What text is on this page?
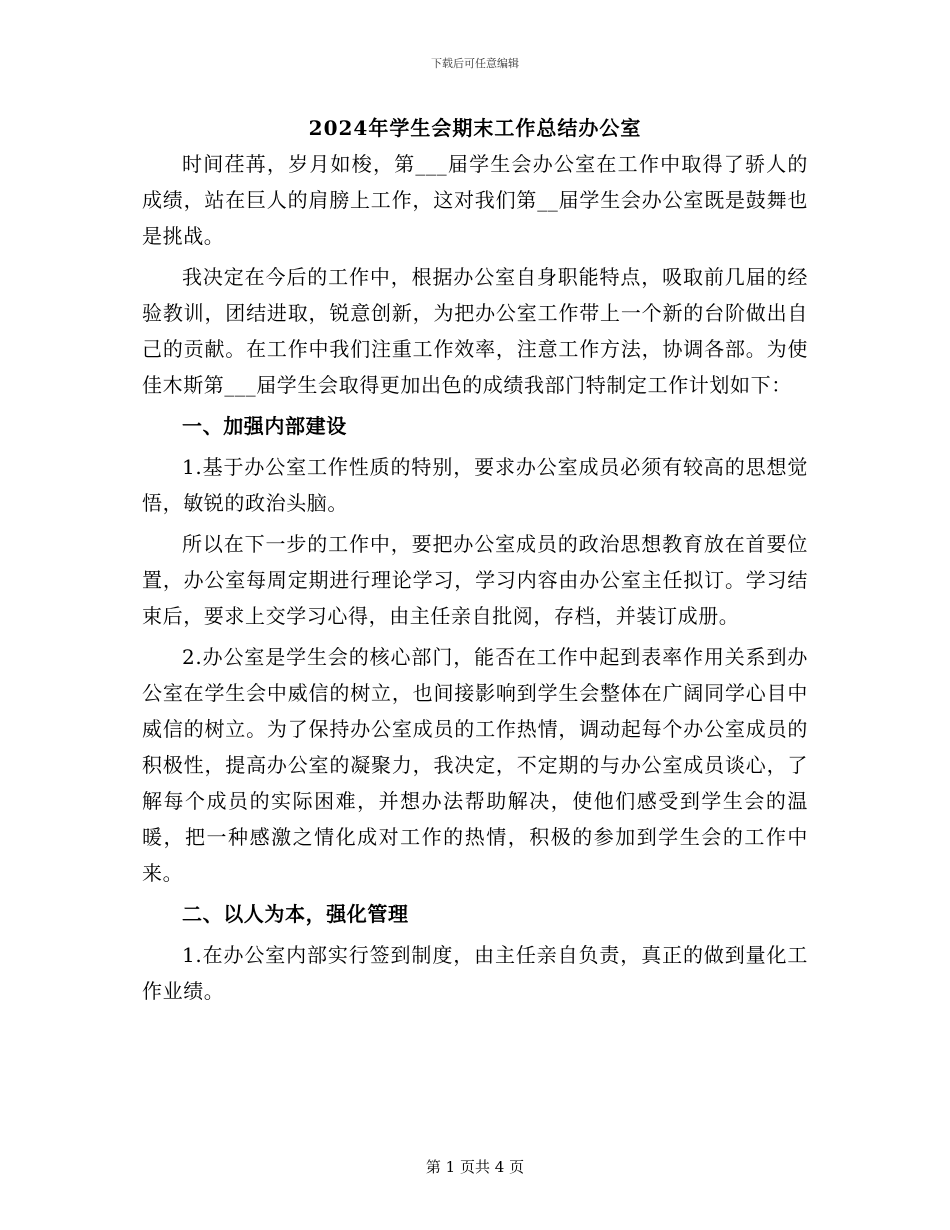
下载后可任意编辑
2024年学生会期末工作总结办公室

时间荏苒，岁月如梭，第___届学生会办公室在工作中取得了骄人的成绩，站在巨人的肩膀上工作，这对我们第__届学生会办公室既是鼓舞也是挑战。

我决定在今后的工作中，根据办公室自身职能特点，吸取前几届的经验教训，团结进取，锐意创新，为把办公室工作带上一个新的台阶做出自己的贡献。在工作中我们注重工作效率，注意工作方法，协调各部。为使佳木斯第___届学生会取得更加出色的成绩我部门特制定工作计划如下：

一、加强内部建设

1.基于办公室工作性质的特别，要求办公室成员必须有较高的思想觉悟，敏锐的政治头脑。

所以在下一步的工作中，要把办公室成员的政治思想教育放在首要位置，办公室每周定期进行理论学习，学习内容由办公室主任拟订。学习结束后，要求上交学习心得，由主任亲自批阅，存档，并装订成册。

2.办公室是学生会的核心部门，能否在工作中起到表率作用关系到办公室在学生会中威信的树立，也间接影响到学生会整体在广阔同学心目中威信的树立。为了保持办公室成员的工作热情，调动起每个办公室成员的积极性，提高办公室的凝聚力，我决定，不定期的与办公室成员谈心，了解每个成员的实际困难，并想办法帮助解决，使他们感受到学生会的温暖，把一种感激之情化成对工作的热情，积极的参加到学生会的工作中来。

二、以人为本，强化管理

1.在办公室内部实行签到制度，由主任亲自负责，真正的做到量化工作业绩。

第 1 页共 4 页
